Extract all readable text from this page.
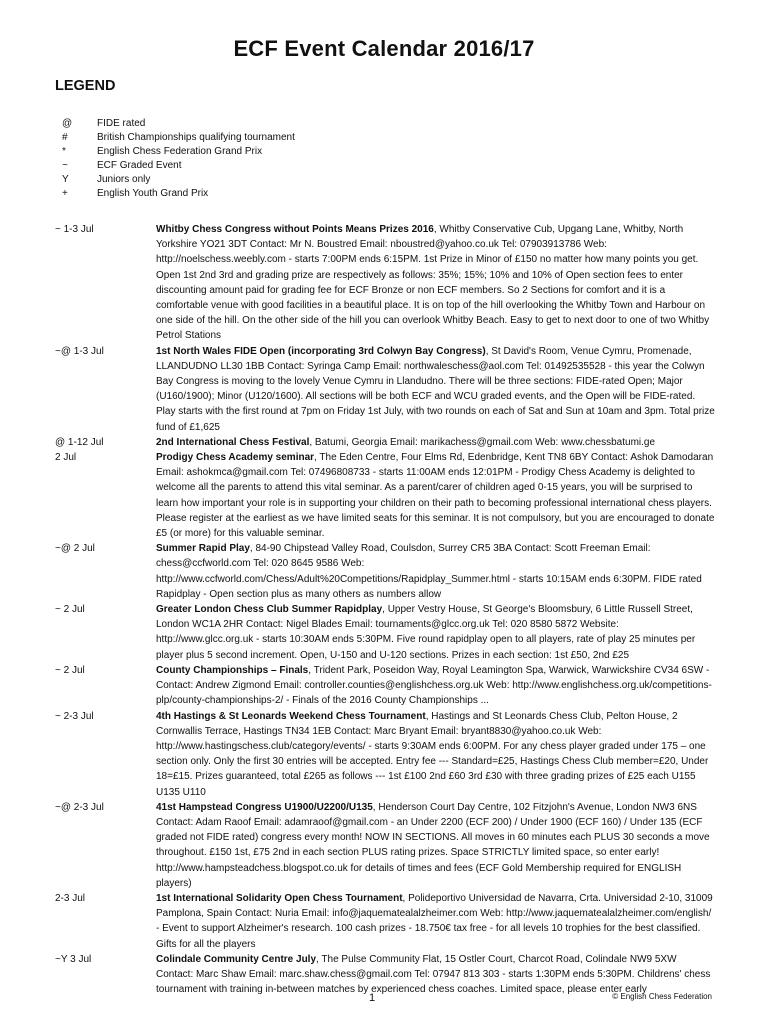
ECF Event Calendar 2016/17
LEGEND
@	FIDE rated
#	British Championships qualifying tournament
*	English Chess Federation Grand Prix
~	ECF Graded Event
Y	Juniors only
+	English Youth Grand Prix
~ 1-3 Jul	Whitby Chess Congress without Points Means Prizes 2016, Whitby Conservative Cub, Upgang Lane, Whitby, North Yorkshire YO21 3DT Contact: Mr N. Boustred Email: nboustred@yahoo.co.uk Tel: 07903913786 Web: http://noelschess.weebly.com - starts 7:00PM ends 6:15PM. 1st Prize in Minor of £150 no matter how many points you get. Open 1st 2nd 3rd and grading prize are respectively as follows: 35%; 15%; 10% and 10% of Open section fees to enter discounting amount paid for grading fee for ECF Bronze or non ECF members. So 2 Sections for comfort and it is a comfortable venue with good facilities in a beautiful place. It is on top of the hill overlooking the Whitby Town and Harbour on one side of the hill. On the other side of the hill you can overlook Whitby Beach. Easy to get to next door to one of two Whitby Petrol Stations
~@ 1-3 Jul	1st North Wales FIDE Open (incorporating 3rd Colwyn Bay Congress), St David's Room, Venue Cymru, Promenade, LLANDUDNO LL30 1BB Contact: Syringa Camp Email: northwaleschess@aol.com Tel: 01492535528 - this year the Colwyn Bay Congress is moving to the lovely Venue Cymru in Llandudno. There will be three sections: FIDE-rated Open; Major (U160/1900); Minor (U120/1600). All sections will be both ECF and WCU graded events, and the Open will be FIDE-rated. Play starts with the first round at 7pm on Friday 1st July, with two rounds on each of Sat and Sun at 10am and 3pm. Total prize fund of £1,625
@ 1-12 Jul	2nd International Chess Festival, Batumi, Georgia Email: marikachess@gmail.com Web: www.chessbatumi.ge
2 Jul	Prodigy Chess Academy seminar, The Eden Centre, Four Elms Rd, Edenbridge, Kent TN8 6BY Contact: Ashok Damodaran Email: ashokmca@gmail.com Tel: 07496808733 - starts 11:00AM ends 12:01PM - Prodigy Chess Academy is delighted to welcome all the parents to attend this vital seminar. As a parent/carer of children aged 0-15 years, you will be surprised to learn how important your role is in supporting your children on their path to becoming professional international chess players. Please register at the earliest as we have limited seats for this seminar. It is not compulsory, but you are encouraged to donate £5 (or more) for this valuable seminar.
~@ 2 Jul	Summer Rapid Play, 84-90 Chipstead Valley Road, Coulsdon, Surrey CR5 3BA Contact: Scott Freeman Email: chess@ccfworld.com Tel: 020 8645 9586 Web: http://www.ccfworld.com/Chess/Adult%20Competitions/Rapidplay_Summer.html - starts 10:15AM ends 6:30PM. FIDE rated Rapidplay - Open section plus as many others as numbers allow
~ 2 Jul	Greater London Chess Club Summer Rapidplay, Upper Vestry House, St George's Bloomsbury, 6 Little Russell Street, London WC1A 2HR Contact: Nigel Blades Email: tournaments@glcc.org.uk Tel: 020 8580 5872 Website: http://www.glcc.org.uk - starts 10:30AM ends 5:30PM. Five round rapidplay open to all players, rate of play 25 minutes per player plus 5 second increment. Open, U-150 and U-120 sections. Prizes in each section: 1st £50, 2nd £25
~ 2 Jul	County Championships – Finals, Trident Park, Poseidon Way, Royal Leamington Spa, Warwick, Warwickshire CV34 6SW - Contact: Andrew Zigmond Email: controller.counties@englishchess.org.uk Web: http://www.englishchess.org.uk/competitions-plp/county-championships-2/ - Finals of the 2016 County Championships ...
~ 2-3 Jul	4th Hastings & St Leonards Weekend Chess Tournament, Hastings and St Leonards Chess Club, Pelton House, 2 Cornwallis Terrace, Hastings TN34 1EB Contact: Marc Bryant Email: bryant8830@yahoo.co.uk Web: http://www.hastingschess.club/category/events/ - starts 9:30AM ends 6:00PM. For any chess player graded under 175 – one section only. Only the first 30 entries will be accepted. Entry fee --- Standard=£25, Hastings Chess Club member=£20, Under 18=£15. Prizes guaranteed, total £265 as follows --- 1st £100 2nd £60 3rd £30 with three grading prizes of £25 each U155 U135 U110
~@ 2-3 Jul	41st Hampstead Congress U1900/U2200/U135, Henderson Court Day Centre, 102 Fitzjohn's Avenue, London NW3 6NS Contact: Adam Raoof Email: adamraoof@gmail.com - an Under 2200 (ECF 200) / Under 1900 (ECF 160) / Under 135 (ECF graded not FIDE rated) congress every month! NOW IN SECTIONS. All moves in 60 minutes each PLUS 30 seconds a move throughout. £150 1st, £75 2nd in each section PLUS rating prizes. Space STRICTLY limited space, so enter early! http://www.hampsteadchess.blogspot.co.uk for details of times and fees (ECF Gold Membership required for ENGLISH players)
2-3 Jul	1st International Solidarity Open Chess Tournament, Polideportivo Universidad de Navarra, Crta. Universidad 2-10, 31009 Pamplona, Spain Contact: Nuria Email: info@jaquematealalzheimer.com Web: http://www.jaquematealalzheimer.com/english/ - Event to support Alzheimer's research. 100 cash prizes - 18.750€ tax free - for all levels 10 trophies for the best classified. Gifts for all the players
~Y 3 Jul	Colindale Community Centre July, The Pulse Community Flat, 15 Ostler Court, Charcot Road, Colindale NW9 5XW Contact: Marc Shaw Email: marc.shaw.chess@gmail.com Tel: 07947 813 303 - starts 1:30PM ends 5:30PM. Childrens' chess tournament with training in-between matches by experienced chess coaches. Limited space, please enter early
1	© English Chess Federation
